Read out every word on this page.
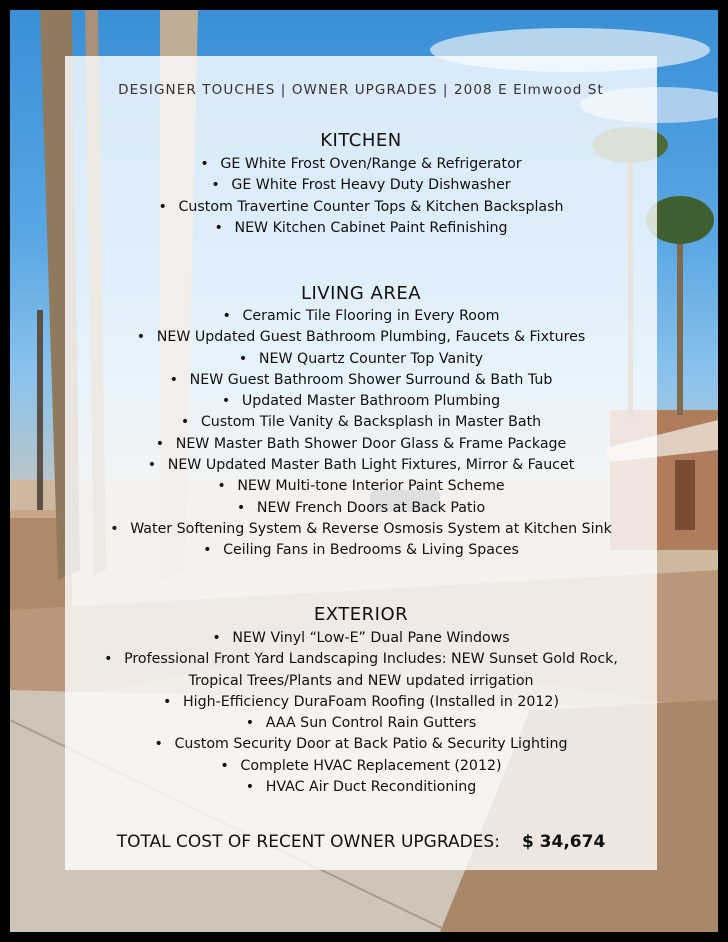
DESIGNER TOUCHES | OWNER UPGRADES | 2008 E Elmwood St
KITCHEN
• GE White Frost Oven/Range & Refrigerator
• GE White Frost Heavy Duty Dishwasher
• Custom Travertine Counter Tops & Kitchen Backsplash
• NEW Kitchen Cabinet Paint Refinishing
LIVING AREA
• Ceramic Tile Flooring in Every Room
• NEW Updated Guest Bathroom Plumbing, Faucets & Fixtures
• NEW Quartz Counter Top Vanity
• NEW Guest Bathroom Shower Surround & Bath Tub
• Updated Master Bathroom Plumbing
• Custom Tile Vanity & Backsplash in Master Bath
• NEW Master Bath Shower Door Glass & Frame Package
• NEW Updated Master Bath Light Fixtures, Mirror & Faucet
• NEW Multi-tone Interior Paint Scheme
• NEW French Doors at Back Patio
• Water Softening System & Reverse Osmosis System at Kitchen Sink
• Ceiling Fans in Bedrooms & Living Spaces
EXTERIOR
• NEW Vinyl “Low-E” Dual Pane Windows
• Professional Front Yard Landscaping Includes: NEW Sunset Gold Rock,
Tropical Trees/Plants and NEW updated irrigation
• High-Efficiency DuraFoam Roofing (Installed in 2012)
• AAA Sun Control Rain Gutters
• Custom Security Door at Back Patio & Security Lighting
• Complete HVAC Replacement (2012)
• HVAC Air Duct Reconditioning
TOTAL COST OF RECENT OWNER UPGRADES: $ 34,674
